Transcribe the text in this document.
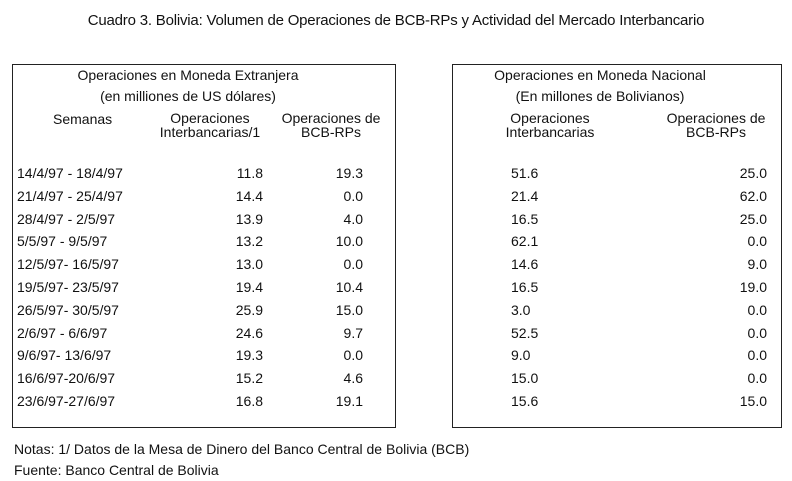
Cuadro 3. Bolivia: Volumen de Operaciones de BCB-RPs y Actividad del Mercado Interbancario
Operaciones en Moneda Extranjera
(en milliones de US dólares)
Semanas	Operaciones
Interbancarias/1
Operaciones de
BCB-RPs
14/4/97 - 18/4/97	11.8	19.3
21/4/97 - 25/4/97	14.4	0.0
28/4/97 - 2/5/97	13.9	4.0
5/5/97 - 9/5/97	13.2	10.0
12/5/97- 16/5/97	13.0	0.0
19/5/97- 23/5/97	19.4	10.4
26/5/97- 30/5/97	25.9	15.0
2/6/97 - 6/6/97	24.6	9.7
9/6/97- 13/6/97	19.3	0.0
16/6/97-20/6/97	15.2	4.6
23/6/97-27/6/97	16.8	19.1
Operaciones en Moneda Nacional
(En millones de Bolivianos)
Operaciones
Interbancarias
Operaciones de
BCB-RPs
51.6	25.0
21.4	62.0
16.5	25.0
62.1	0.0
14.6	9.0
16.5	19.0
3.0	0.0
52.5	0.0
9.0	0.0
15.0	0.0
15.6	15.0
Notas: 1/ Datos de la Mesa de Dinero del Banco Central de Bolivia (BCB)
Fuente: Banco Central de Bolivia
